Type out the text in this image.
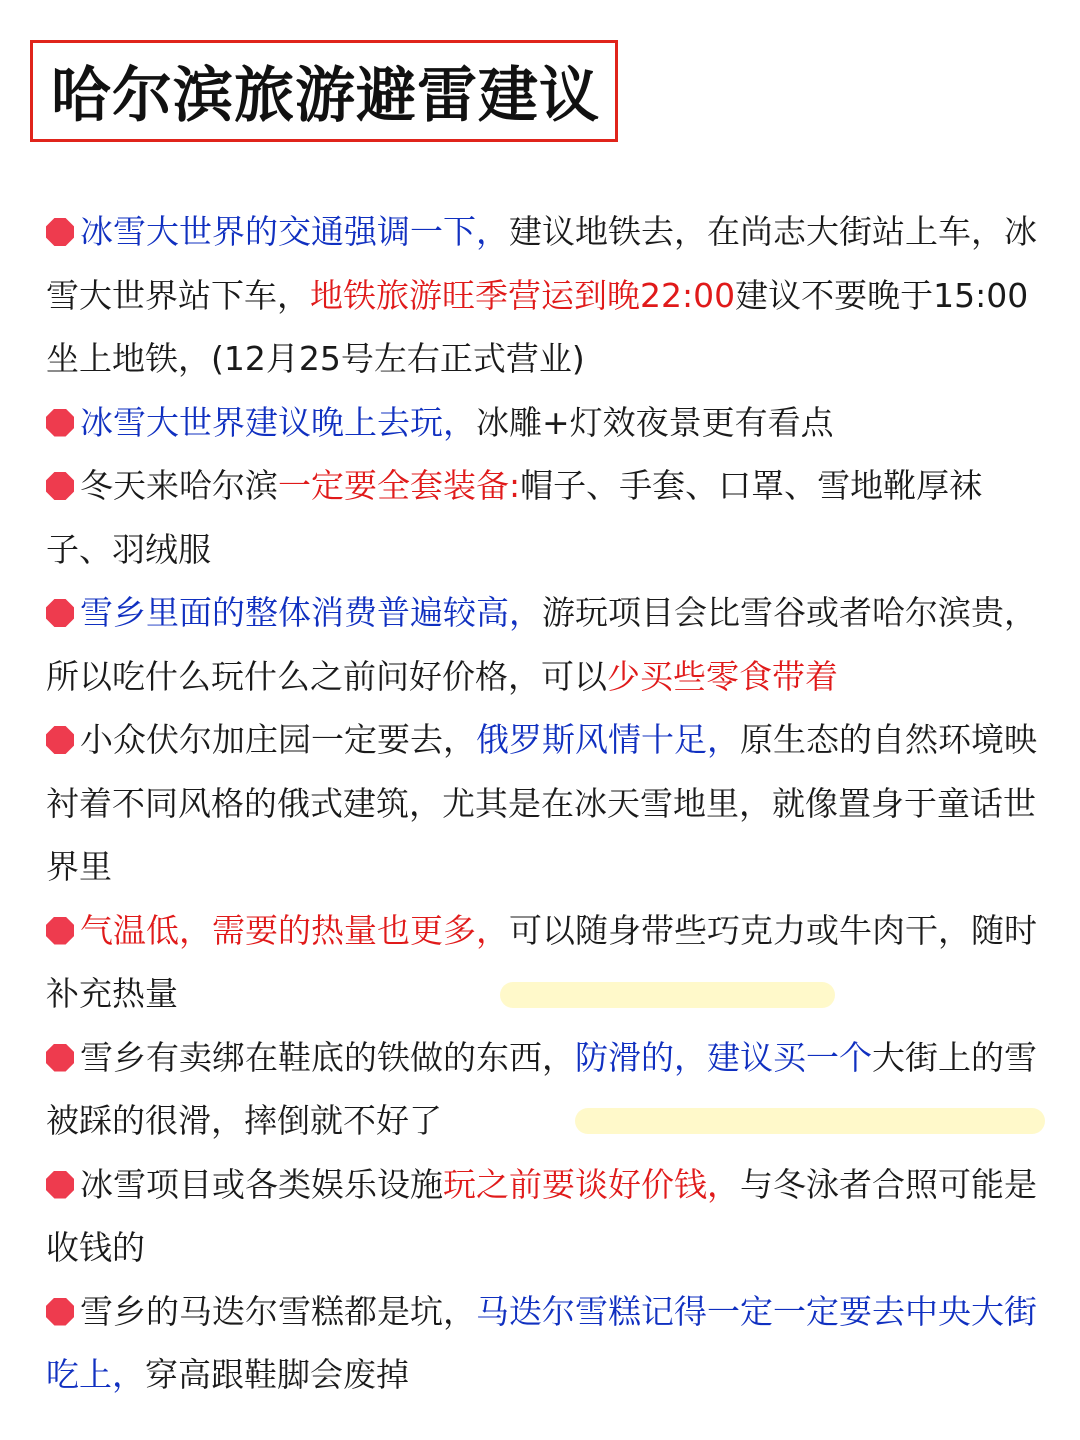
哈尔滨旅游避雷建议
冰雪大世界的交通强调一下，建议地铁去，在尚志大街站上车，冰雪大世界站下车，地铁旅游旺季营运到晚22:00建议不要晚于15:00坐上地铁，(12月25号左右正式营业)
冰雪大世界建议晚上去玩，冰雕+灯效夜景更有看点
冬天来哈尔滨一定要全套装备:帽子、手套、口罩、雪地靴厚袜子、羽绒服
雪乡里面的整体消费普遍较高，游玩项目会比雪谷或者哈尔滨贵，所以吃什么玩什么之前问好价格，可以少买些零食带着
小众伏尔加庄园一定要去，俄罗斯风情十足，原生态的自然环境映衬着不同风格的俄式建筑，尤其是在冰天雪地里，就像置身于童话世界里
气温低，需要的热量也更多，可以随身带些巧克力或牛肉干，随时补充热量
雪乡有卖绑在鞋底的铁做的东西，防滑的，建议买一个大街上的雪被踩的很滑，摔倒就不好了
冰雪项目或各类娱乐设施玩之前要谈好价钱，与冬泳者合照可能是收钱的
雪乡的马迭尔雪糕都是坑，马迭尔雪糕记得一定一定要去中央大街吃上，穿高跟鞋脚会废掉
